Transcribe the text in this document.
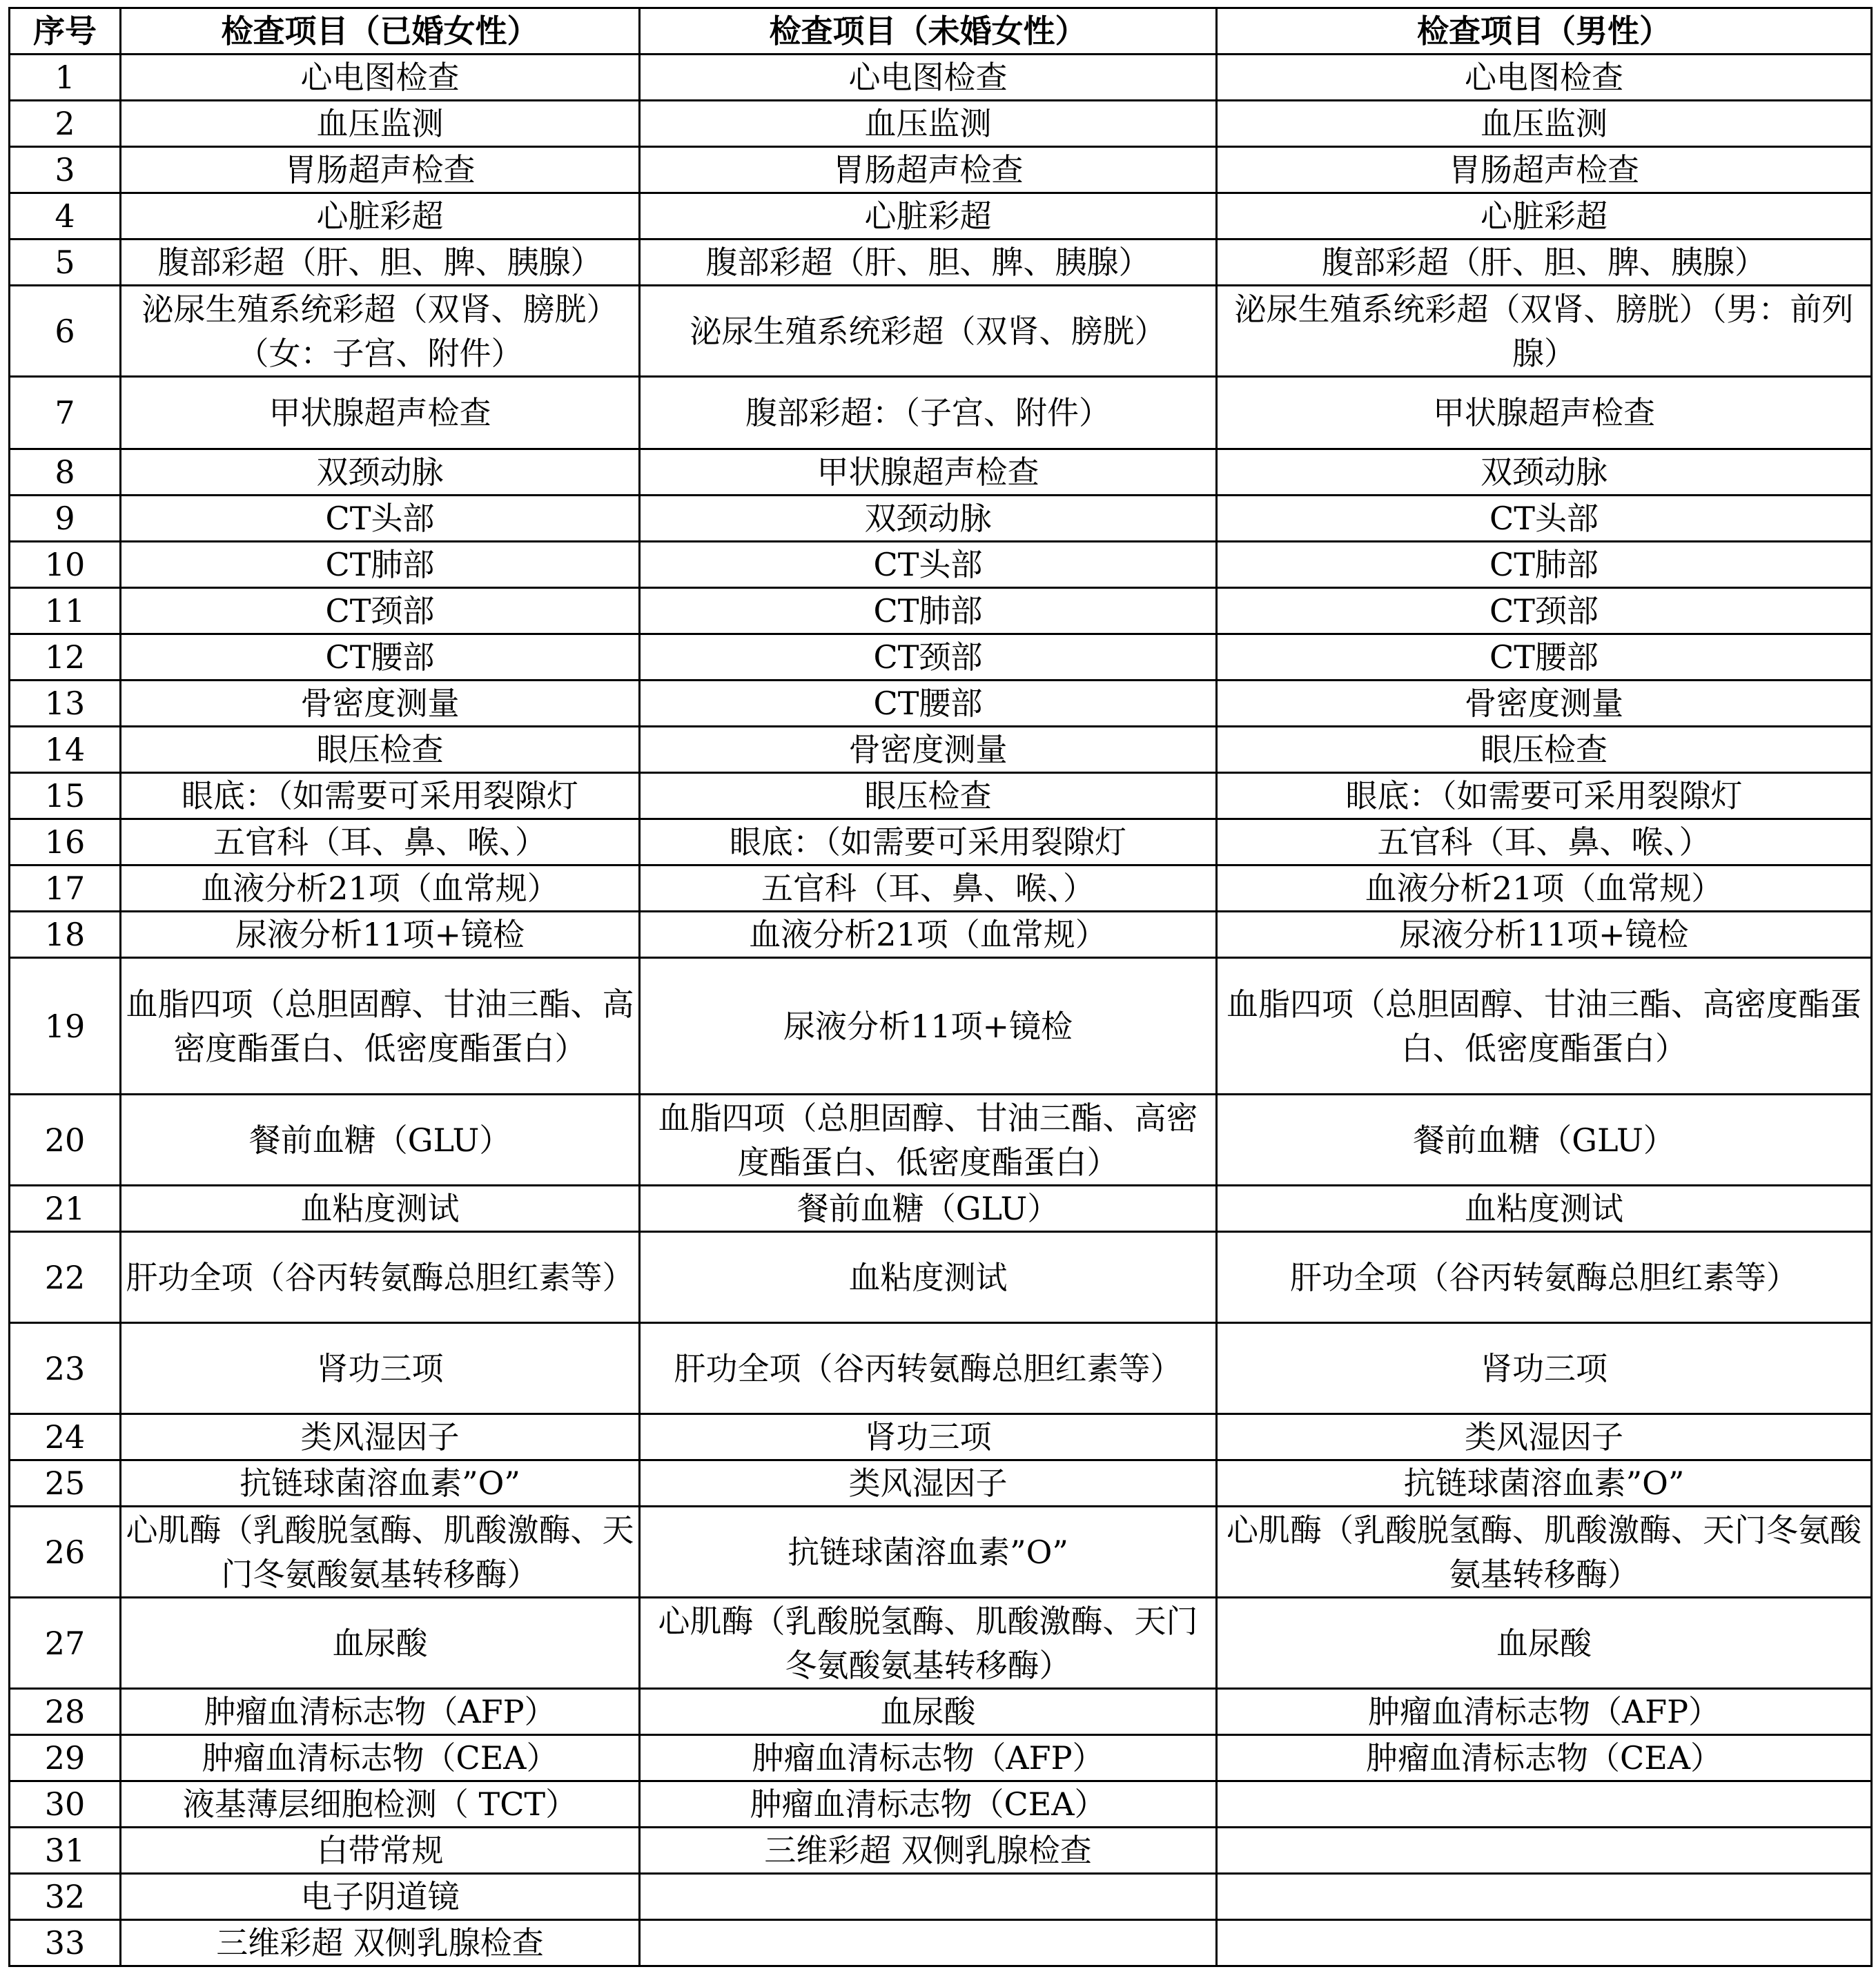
序号	检查项目（已婚女性）	检查项目（未婚女性）	检查项目（男性）
1	心电图检查	心电图检查	心电图检查
2	血压监测	血压监测	血压监测
3	胃肠超声检查	胃肠超声检查	胃肠超声检查
4	心脏彩超	心脏彩超	心脏彩超
5	腹部彩超（肝、胆、脾、胰腺）	腹部彩超（肝、胆、脾、胰腺）	腹部彩超（肝、胆、脾、胰腺）
6	泌尿生殖系统彩超（双肾、膀胱）（女：子宫、附件）	泌尿生殖系统彩超（双肾、膀胱）	泌尿生殖系统彩超（双肾、膀胱）（男：前列腺）
7	甲状腺超声检查	腹部彩超：（子宫、附件）	甲状腺超声检查
8	双颈动脉	甲状腺超声检查	双颈动脉
9	CT头部	双颈动脉	CT头部
10	CT肺部	CT头部	CT肺部
11	CT颈部	CT肺部	CT颈部
12	CT腰部	CT颈部	CT腰部
13	骨密度测量	CT腰部	骨密度测量
14	眼压检查	骨密度测量	眼压检查
15	眼底：（如需要可采用裂隙灯	眼压检查	眼底：（如需要可采用裂隙灯
16	五官科（耳、鼻、喉、）	眼底：（如需要可采用裂隙灯	五官科（耳、鼻、喉、）
17	血液分析21项（血常规）	五官科（耳、鼻、喉、）	血液分析21项（血常规）
18	尿液分析11项+镜检	血液分析21项（血常规）	尿液分析11项+镜检
19	血脂四项（总胆固醇、甘油三酯、高密度酯蛋白、低密度酯蛋白）	尿液分析11项+镜检	血脂四项（总胆固醇、甘油三酯、高密度酯蛋白、低密度酯蛋白）
20	餐前血糖（GLU）	血脂四项（总胆固醇、甘油三酯、高密度酯蛋白、低密度酯蛋白）	餐前血糖（GLU）
21	血粘度测试	餐前血糖（GLU）	血粘度测试
22	肝功全项（谷丙转氨酶总胆红素等）	血粘度测试	肝功全项（谷丙转氨酶总胆红素等）
23	肾功三项	肝功全项（谷丙转氨酶总胆红素等）	肾功三项
24	类风湿因子	肾功三项	类风湿因子
25	抗链球菌溶血素”O”	类风湿因子	抗链球菌溶血素”O”
26	心肌酶（乳酸脱氢酶、肌酸激酶、天门冬氨酸氨基转移酶）	抗链球菌溶血素”O”	心肌酶（乳酸脱氢酶、肌酸激酶、天门冬氨酸氨基转移酶）
27	血尿酸	心肌酶（乳酸脱氢酶、肌酸激酶、天门冬氨酸氨基转移酶）	血尿酸
28	肿瘤血清标志物（AFP）	血尿酸	肿瘤血清标志物（AFP）
29	肿瘤血清标志物（CEA）	肿瘤血清标志物（AFP）	肿瘤血清标志物（CEA）
30	液基薄层细胞检测（ TCT）	肿瘤血清标志物（CEA）	
31	白带常规	三维彩超 双侧乳腺检查	
32	电子阴道镜		
33	三维彩超 双侧乳腺检查		
